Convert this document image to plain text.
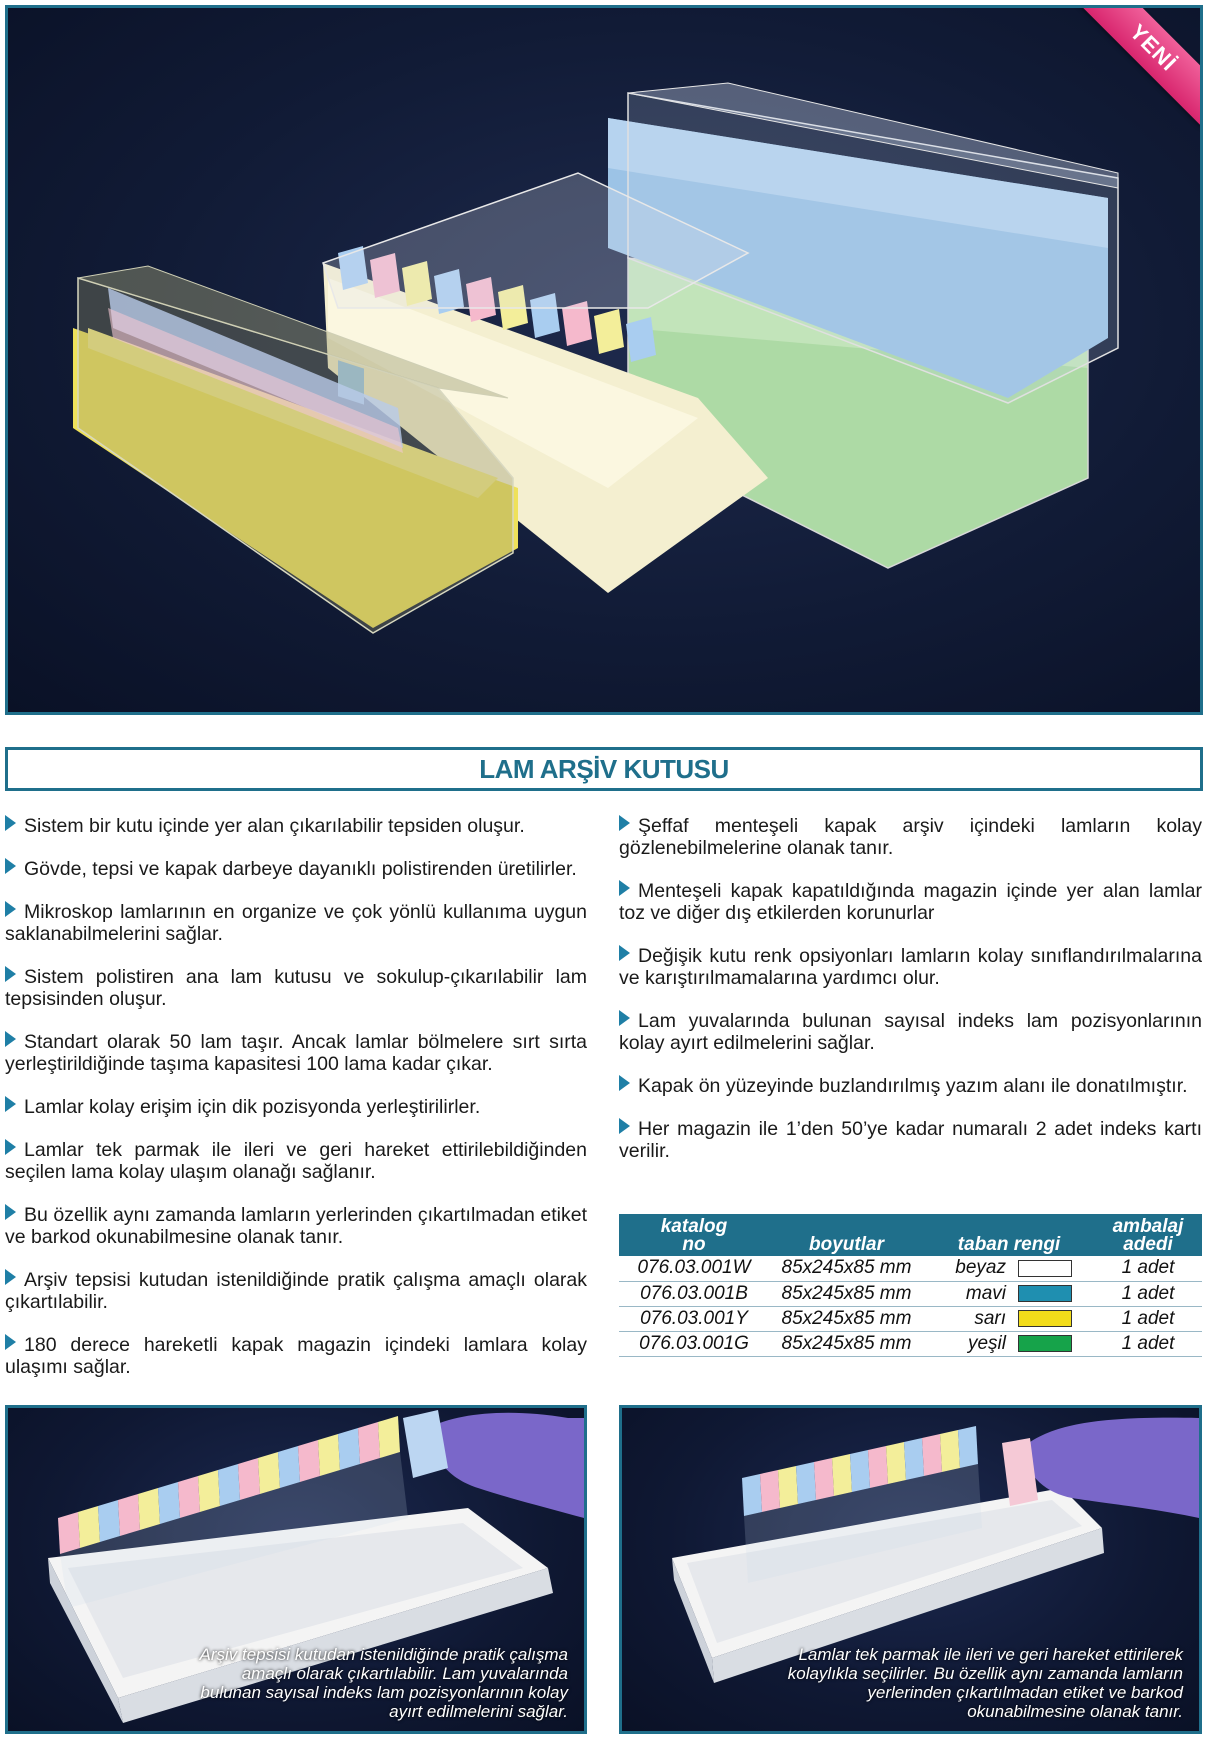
YENİ
LAM ARŞİV KUTUSU

Sistem bir kutu içinde yer alan çıkarılabilir tepsiden oluşur.

Gövde, tepsi ve kapak darbeye dayanıklı polistirenden üretilirler.

Mikroskop lamlarının en organize ve çok yönlü kullanıma uygun saklanabilmelerini sağlar.

Sistem polistiren ana lam kutusu ve sokulup-çıkarılabilir lam tepsisinden oluşur.

Standart olarak 50 lam taşır. Ancak lamlar bölmelere sırt sırta yerleştirildiğinde taşıma kapasitesi 100 lama kadar çıkar.

Lamlar kolay erişim için dik pozisyonda yerleştirilirler.

Lamlar tek parmak ile ileri ve geri hareket ettirilebildiğinden seçilen lama kolay ulaşım olanağı sağlanır.

Bu özellik aynı zamanda lamların yerlerinden çıkartılmadan etiket ve barkod okunabilmesine olanak tanır.

Arşiv tepsisi kutudan istenildiğinde pratik çalışma amaçlı olarak çıkartılabilir.

180 derece hareketli kapak magazin içindeki lamlara kolay ulaşımı sağlar.

Şeffaf menteşeli kapak arşiv içindeki lamların kolay gözlenebilmelerine olanak tanır.

Menteşeli kapak kapatıldığında magazin içinde yer alan lamlar toz ve diğer dış etkilerden korunurlar

Değişik kutu renk opsiyonları lamların kolay sınıflandırılmalarına ve karıştırılmamalarına yardımcı olur.

Lam yuvalarında bulunan sayısal indeks lam pozisyonlarının kolay ayırt edilmelerini sağlar.

Kapak ön yüzeyinde buzlandırılmış yazım alanı ile donatılmıştır.

Her magazin ile 1’den 50’ye kadar numaralı 2 adet indeks kartı verilir.

katalog
no	boyutlar	taban rengi	ambalaj
adedi
076.03.001W	85x245x85 mm	beyaz	1 adet
076.03.001B	85x245x85 mm	mavi	1 adet
076.03.001Y	85x245x85 mm	sarı	1 adet
076.03.001G	85x245x85 mm	yeşil	1 adet
Arşiv tepsisi kutudan istenildiğinde pratik çalışma amaçlı olarak çıkartılabilir. Lam yuvalarında bulunan sayısal indeks lam pozisyonlarının kolay ayırt edilmelerini sağlar.
Lamlar tek parmak ile ileri ve geri hareket ettirilerek kolaylıkla seçilirler. Bu özellik aynı zamanda lamların yerlerinden çıkartılmadan etiket ve barkod okunabilmesine olanak tanır.
